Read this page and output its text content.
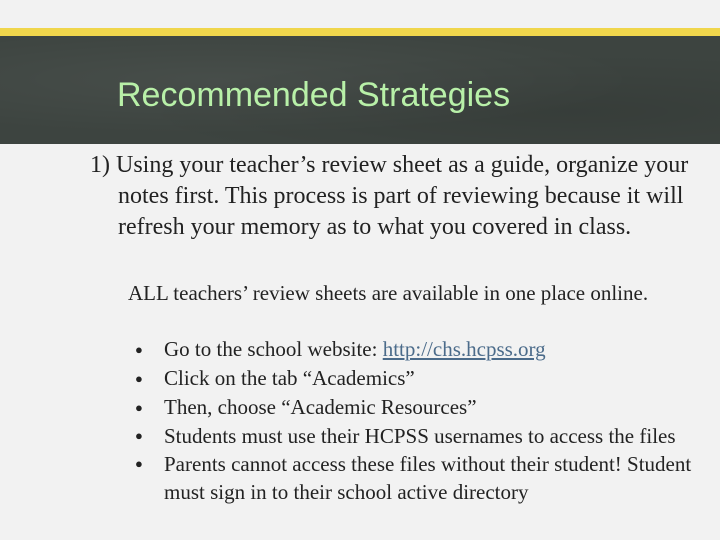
Recommended Strategies

1) Using your teacher’s review sheet as a guide, organize your notes first. This process is part of reviewing because it will refresh your memory as to what you covered in class.

ALL teachers’ review sheets are available in one place online.

● Go to the school website: http://chs.hcpss.org
● Click on the tab “Academics”
● Then, choose “Academic Resources”
● Students must use their HCPSS usernames to access the files
● Parents cannot access these files without their student! Student must sign in to their school active directory
